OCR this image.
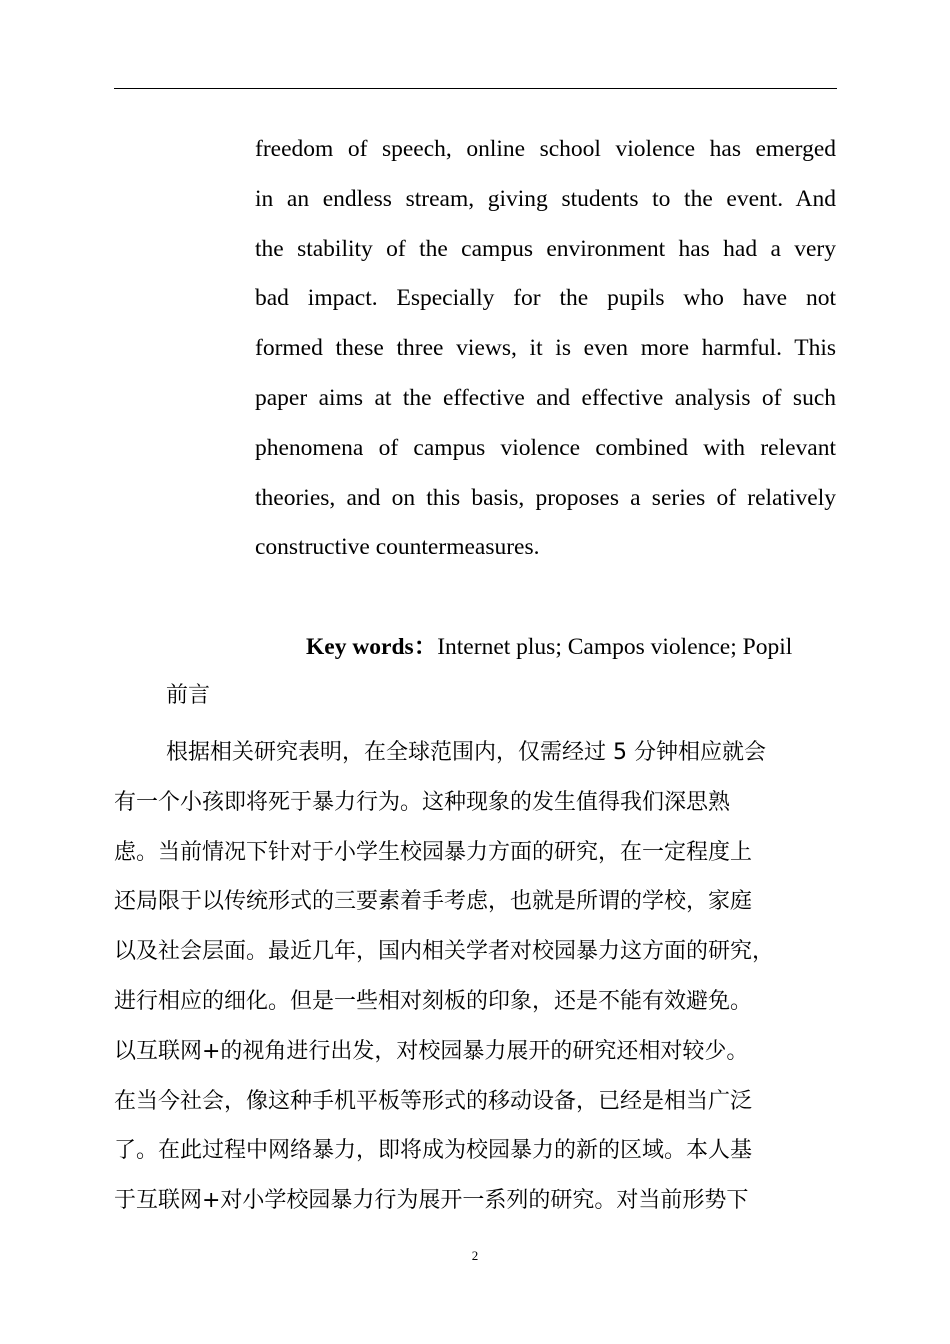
freedom of speech, online school violence has emerged
in an endless stream, giving students to the event. And
the stability of the campus environment has had a very
bad impact. Especially for the pupils who have not
formed these three views, it is even more harmful. This
paper aims at the effective and effective analysis of such
phenomena of campus violence combined with relevant
theories, and on this basis, proposes a series of relatively
constructive countermeasures.
Key words：Internet plus; Campos violence; Popil
前言
根据相关研究表明，在全球范围内，仅需经过 5 分钟相应就会
有一个小孩即将死于暴力行为。这种现象的发生值得我们深思熟
虑。当前情况下针对于小学生校园暴力方面的研究，在一定程度上
还局限于以传统形式的三要素着手考虑，也就是所谓的学校，家庭
以及社会层面。最近几年，国内相关学者对校园暴力这方面的研究，
进行相应的细化。但是一些相对刻板的印象，还是不能有效避免。
以互联网+的视角进行出发，对校园暴力展开的研究还相对较少。
在当今社会，像这种手机平板等形式的移动设备，已经是相当广泛
了。在此过程中网络暴力，即将成为校园暴力的新的区域。本人基
于互联网+对小学校园暴力行为展开一系列的研究。对当前形势下
2
